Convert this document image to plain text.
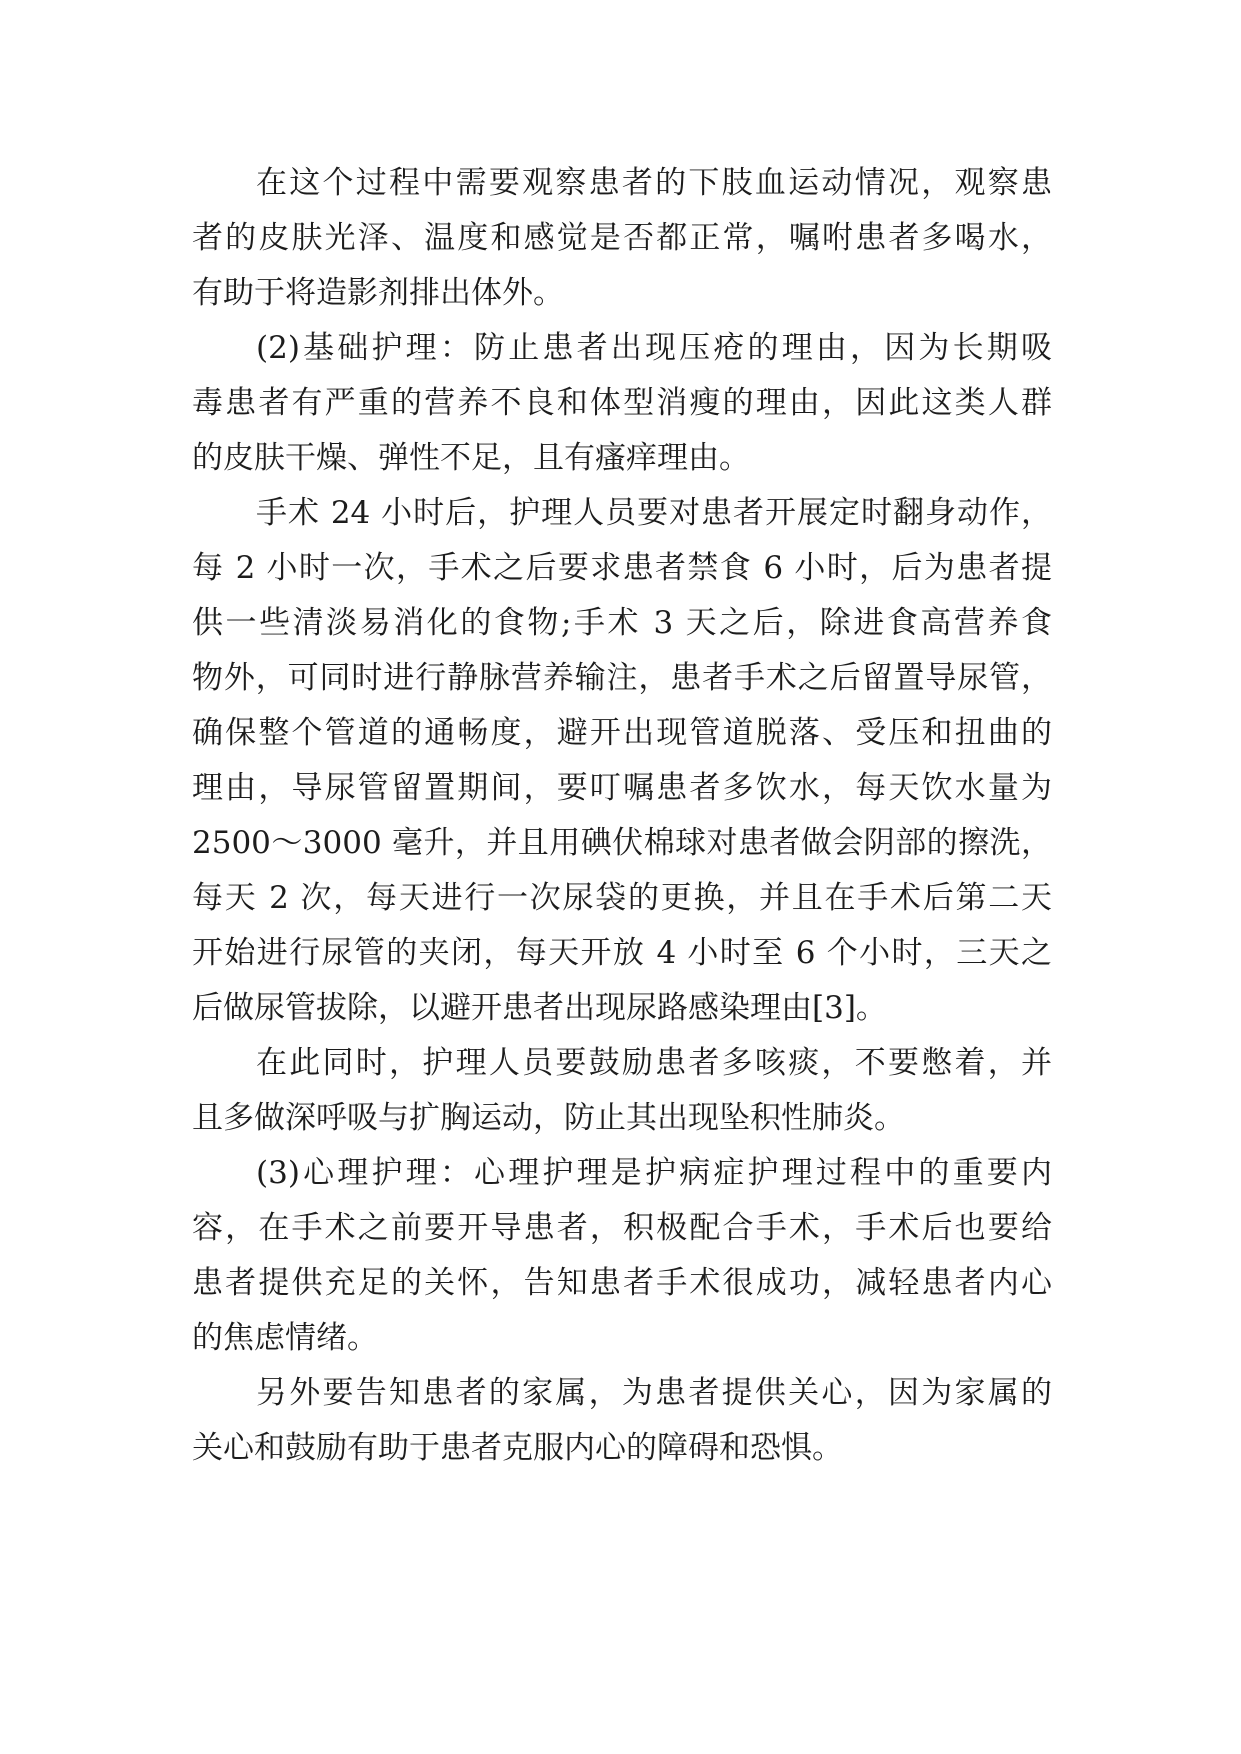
在这个过程中需要观察患者的下肢血运动情况，观察患
者的皮肤光泽、温度和感觉是否都正常，嘱咐患者多喝水，
有助于将造影剂排出体外。
(2)基础护理：防止患者出现压疮的理由，因为长期吸
毒患者有严重的营养不良和体型消瘦的理由，因此这类人群
的皮肤干燥、弹性不足，且有瘙痒理由。
手术 24 小时后，护理人员要对患者开展定时翻身动作，
每 2 小时一次，手术之后要求患者禁食 6 小时，后为患者提
供一些清淡易消化的食物;手术 3 天之后，除进食高营养食
物外，可同时进行静脉营养输注，患者手术之后留置导尿管，
确保整个管道的通畅度，避开出现管道脱落、受压和扭曲的
理由，导尿管留置期间，要叮嘱患者多饮水，每天饮水量为
2500～3000 毫升，并且用碘伏棉球对患者做会阴部的擦洗，
每天 2 次，每天进行一次尿袋的更换，并且在手术后第二天
开始进行尿管的夹闭，每天开放 4 小时至 6 个小时，三天之
后做尿管拔除，以避开患者出现尿路感染理由[3]。
在此同时，护理人员要鼓励患者多咳痰，不要憋着，并
且多做深呼吸与扩胸运动，防止其出现坠积性肺炎。
(3)心理护理：心理护理是护病症护理过程中的重要内
容，在手术之前要开导患者，积极配合手术，手术后也要给
患者提供充足的关怀，告知患者手术很成功，减轻患者内心
的焦虑情绪。
另外要告知患者的家属，为患者提供关心，因为家属的
关心和鼓励有助于患者克服内心的障碍和恐惧。
